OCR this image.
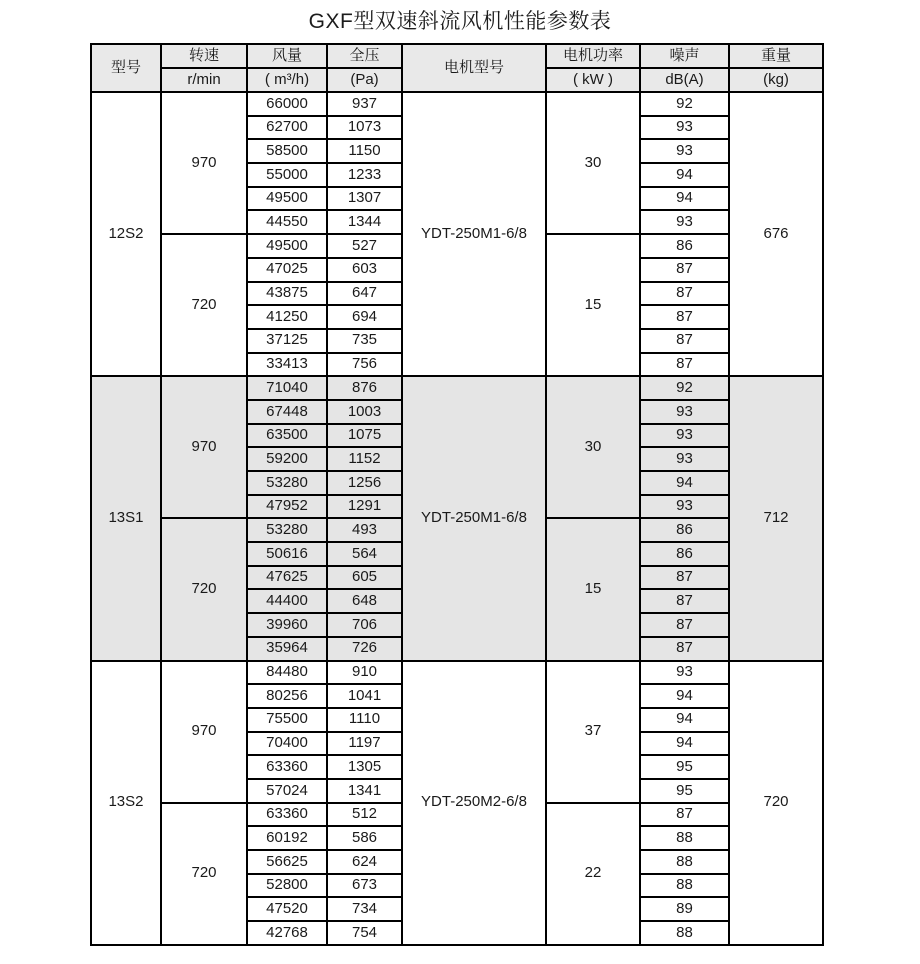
GXF型双速斜流风机性能参数表
型号	转速	风量	全压	电机型号	电机功率	噪声	重量
	r/min	( m³/h)	(Pa)		( kW )	dB(A)	(kg)
12S2	970	66000	937	YDT-250M1-6/8	30	92	676
		62700	1073			93	
		58500	1150			93	
		55000	1233			94	
		49500	1307			94	
		44550	1344			93	
	720	49500	527		15	86	
		47025	603			87	
		43875	647			87	
		41250	694			87	
		37125	735			87	
		33413	756			87	
13S1	970	71040	876	YDT-250M1-6/8	30	92	712
		67448	1003			93	
		63500	1075			93	
		59200	1152			93	
		53280	1256			94	
		47952	1291			93	
	720	53280	493		15	86	
		50616	564			86	
		47625	605			87	
		44400	648			87	
		39960	706			87	
		35964	726			87	
13S2	970	84480	910	YDT-250M2-6/8	37	93	720
		80256	1041			94	
		75500	1110			94	
		70400	1197			94	
		63360	1305			95	
		57024	1341			95	
	720	63360	512		22	87	
		60192	586			88	
		56625	624			88	
		52800	673			88	
		47520	734			89	
		42768	754			88	
